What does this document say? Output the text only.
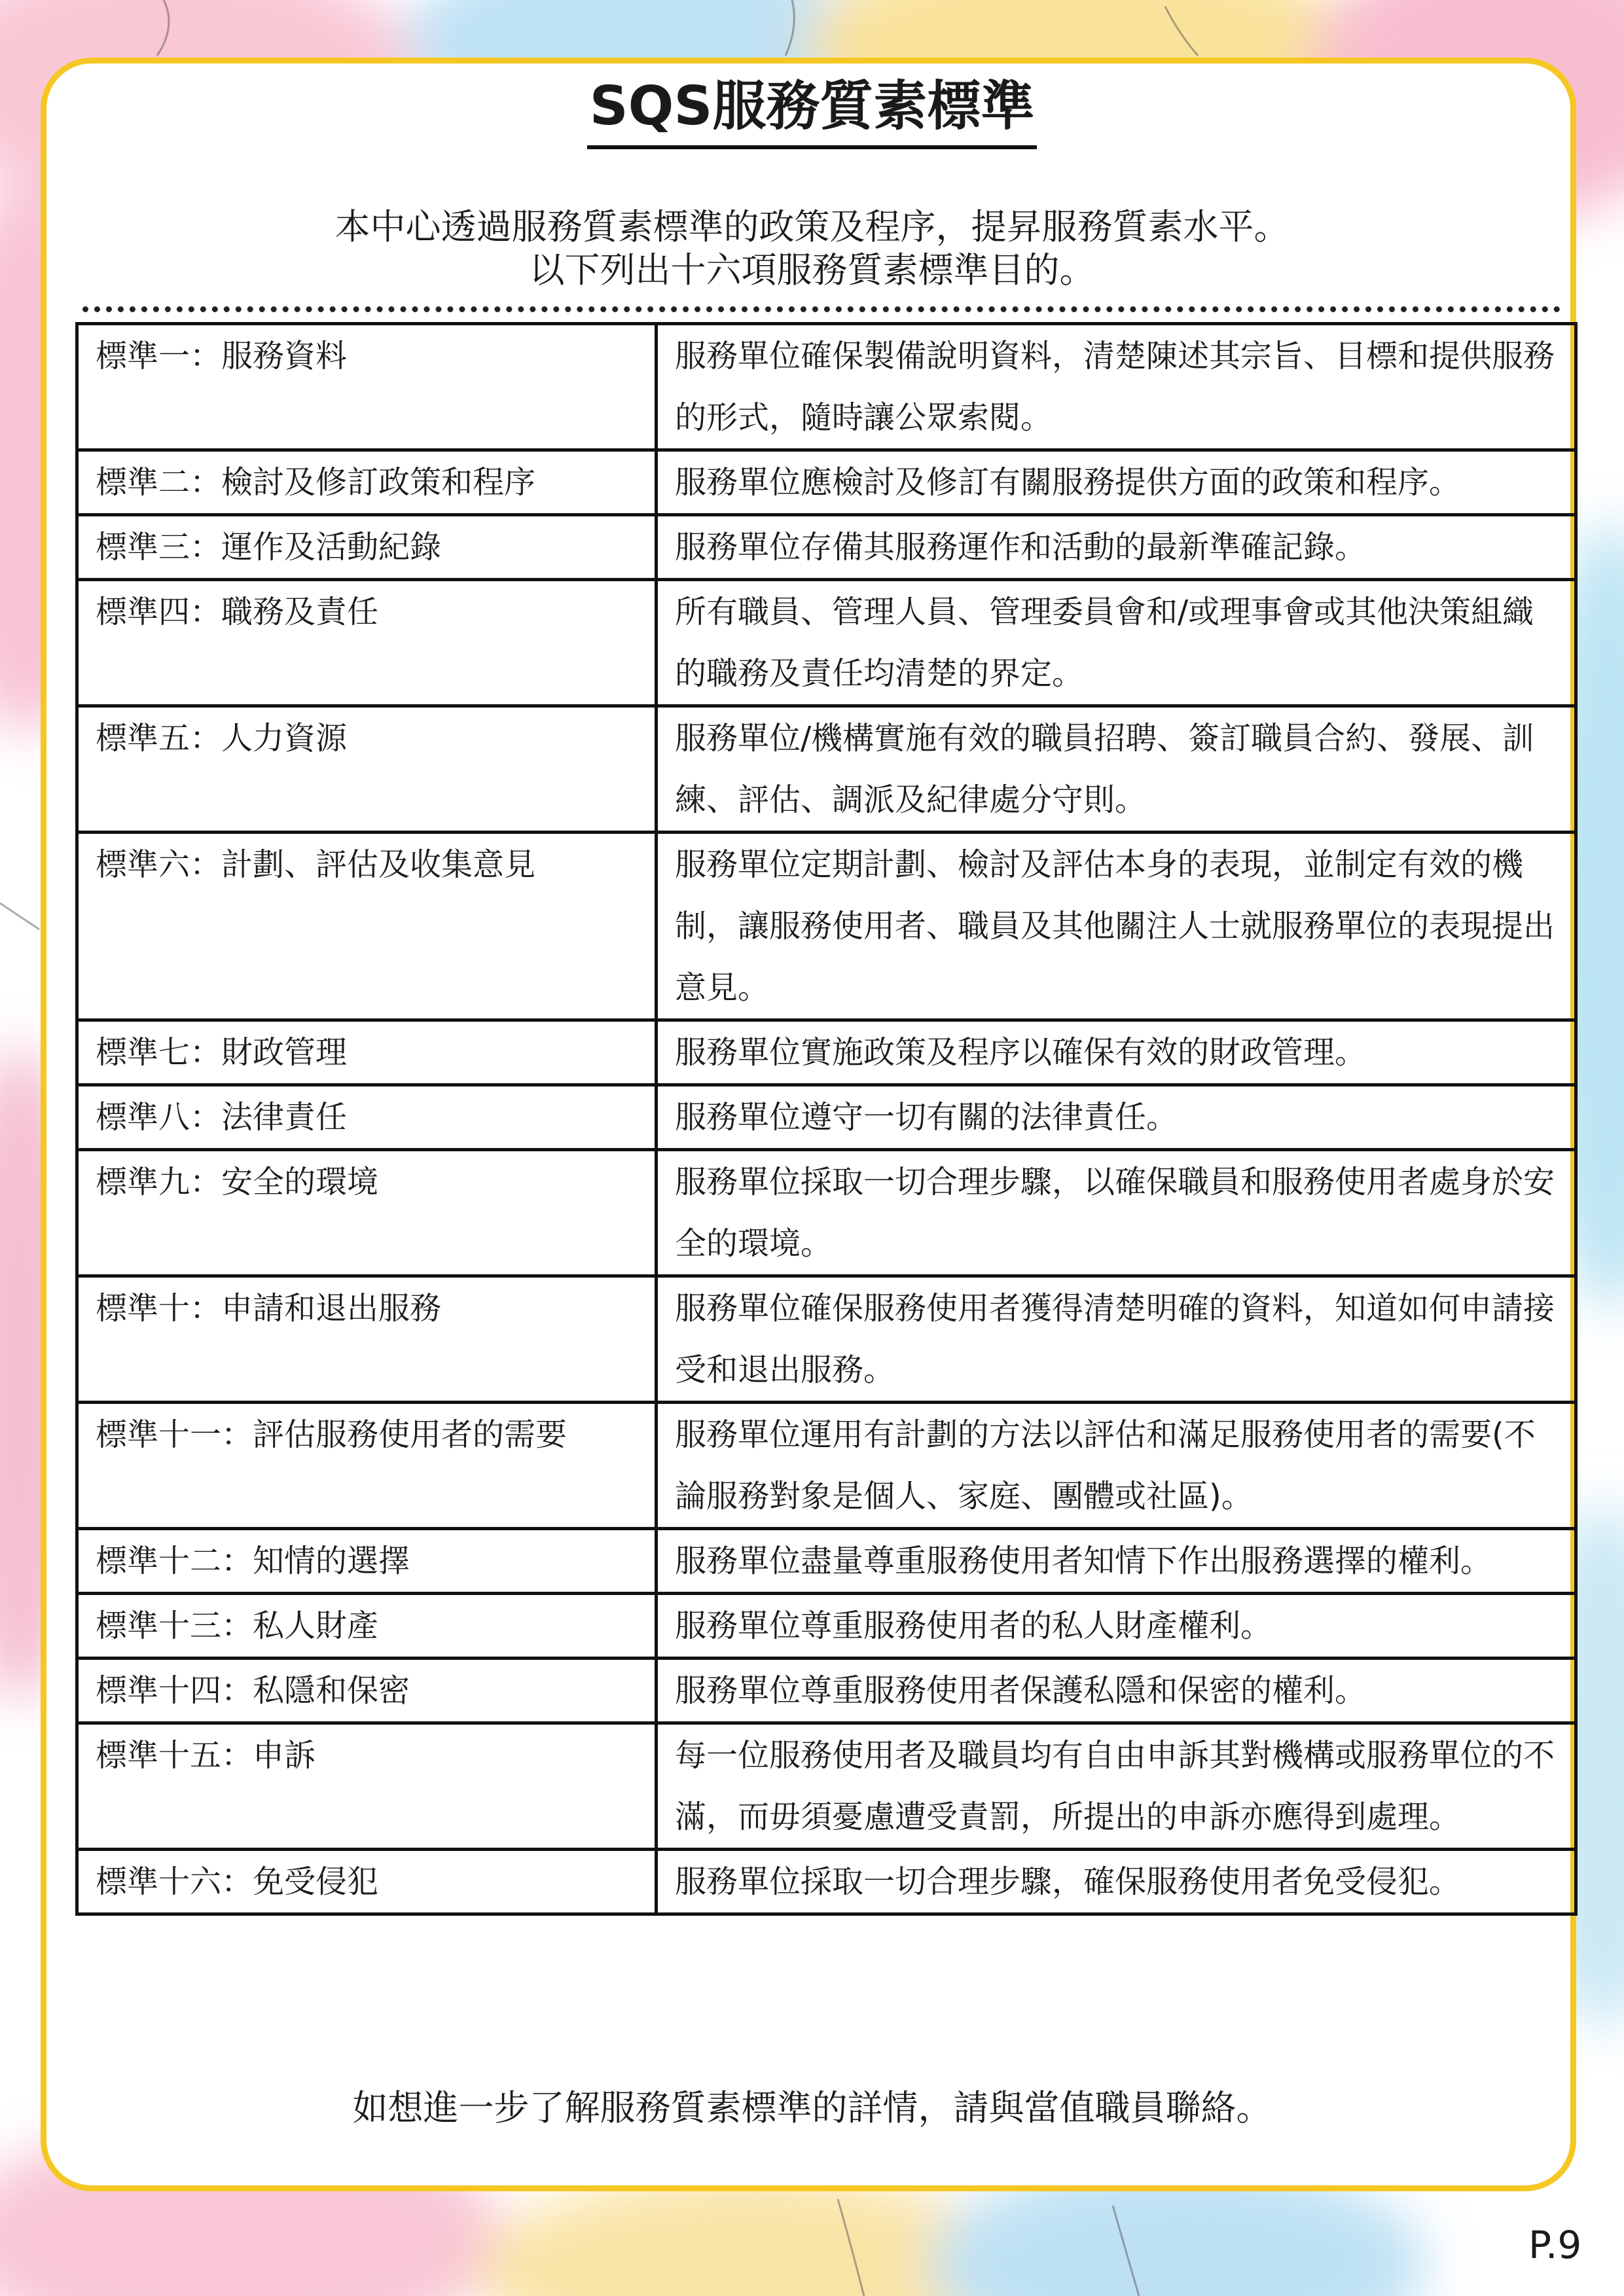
SQS服務質素標準
本中心透過服務質素標準的政策及程序，提昇服務質素水平。
以下列出十六項服務質素標準目的。
標準一：服務資料	服務單位確保製備說明資料，清楚陳述其宗旨、目標和提供服務的形式，隨時讓公眾索閱。
標準二：檢討及修訂政策和程序	服務單位應檢討及修訂有關服務提供方面的政策和程序。
標準三：運作及活動紀錄	服務單位存備其服務運作和活動的最新準確記錄。
標準四：職務及責任	所有職員、管理人員、管理委員會和/或理事會或其他決策組織的職務及責任均清楚的界定。
標準五：人力資源	服務單位/機構實施有效的職員招聘、簽訂職員合約、發展、訓練、評估、調派及紀律處分守則。
標準六：計劃、評估及收集意見	服務單位定期計劃、檢討及評估本身的表現，並制定有效的機制，讓服務使用者、職員及其他關注人士就服務單位的表現提出意見。
標準七：財政管理	服務單位實施政策及程序以確保有效的財政管理。
標準八：法律責任	服務單位遵守一切有關的法律責任。
標準九：安全的環境	服務單位採取一切合理步驟，以確保職員和服務使用者處身於安全的環境。
標準十：申請和退出服務	服務單位確保服務使用者獲得清楚明確的資料，知道如何申請接受和退出服務。
標準十一：評估服務使用者的需要	服務單位運用有計劃的方法以評估和滿足服務使用者的需要(不論服務對象是個人、家庭、團體或社區)。
標準十二：知情的選擇	服務單位盡量尊重服務使用者知情下作出服務選擇的權利。
標準十三：私人財產	服務單位尊重服務使用者的私人財產權利。
標準十四：私隱和保密	服務單位尊重服務使用者保護私隱和保密的權利。
標準十五：申訴	每一位服務使用者及職員均有自由申訴其對機構或服務單位的不滿，而毋須憂慮遭受責罰，所提出的申訴亦應得到處理。
標準十六：免受侵犯	服務單位採取一切合理步驟，確保服務使用者免受侵犯。
如想進一步了解服務質素標準的詳情，請與當值職員聯絡。
P.9
